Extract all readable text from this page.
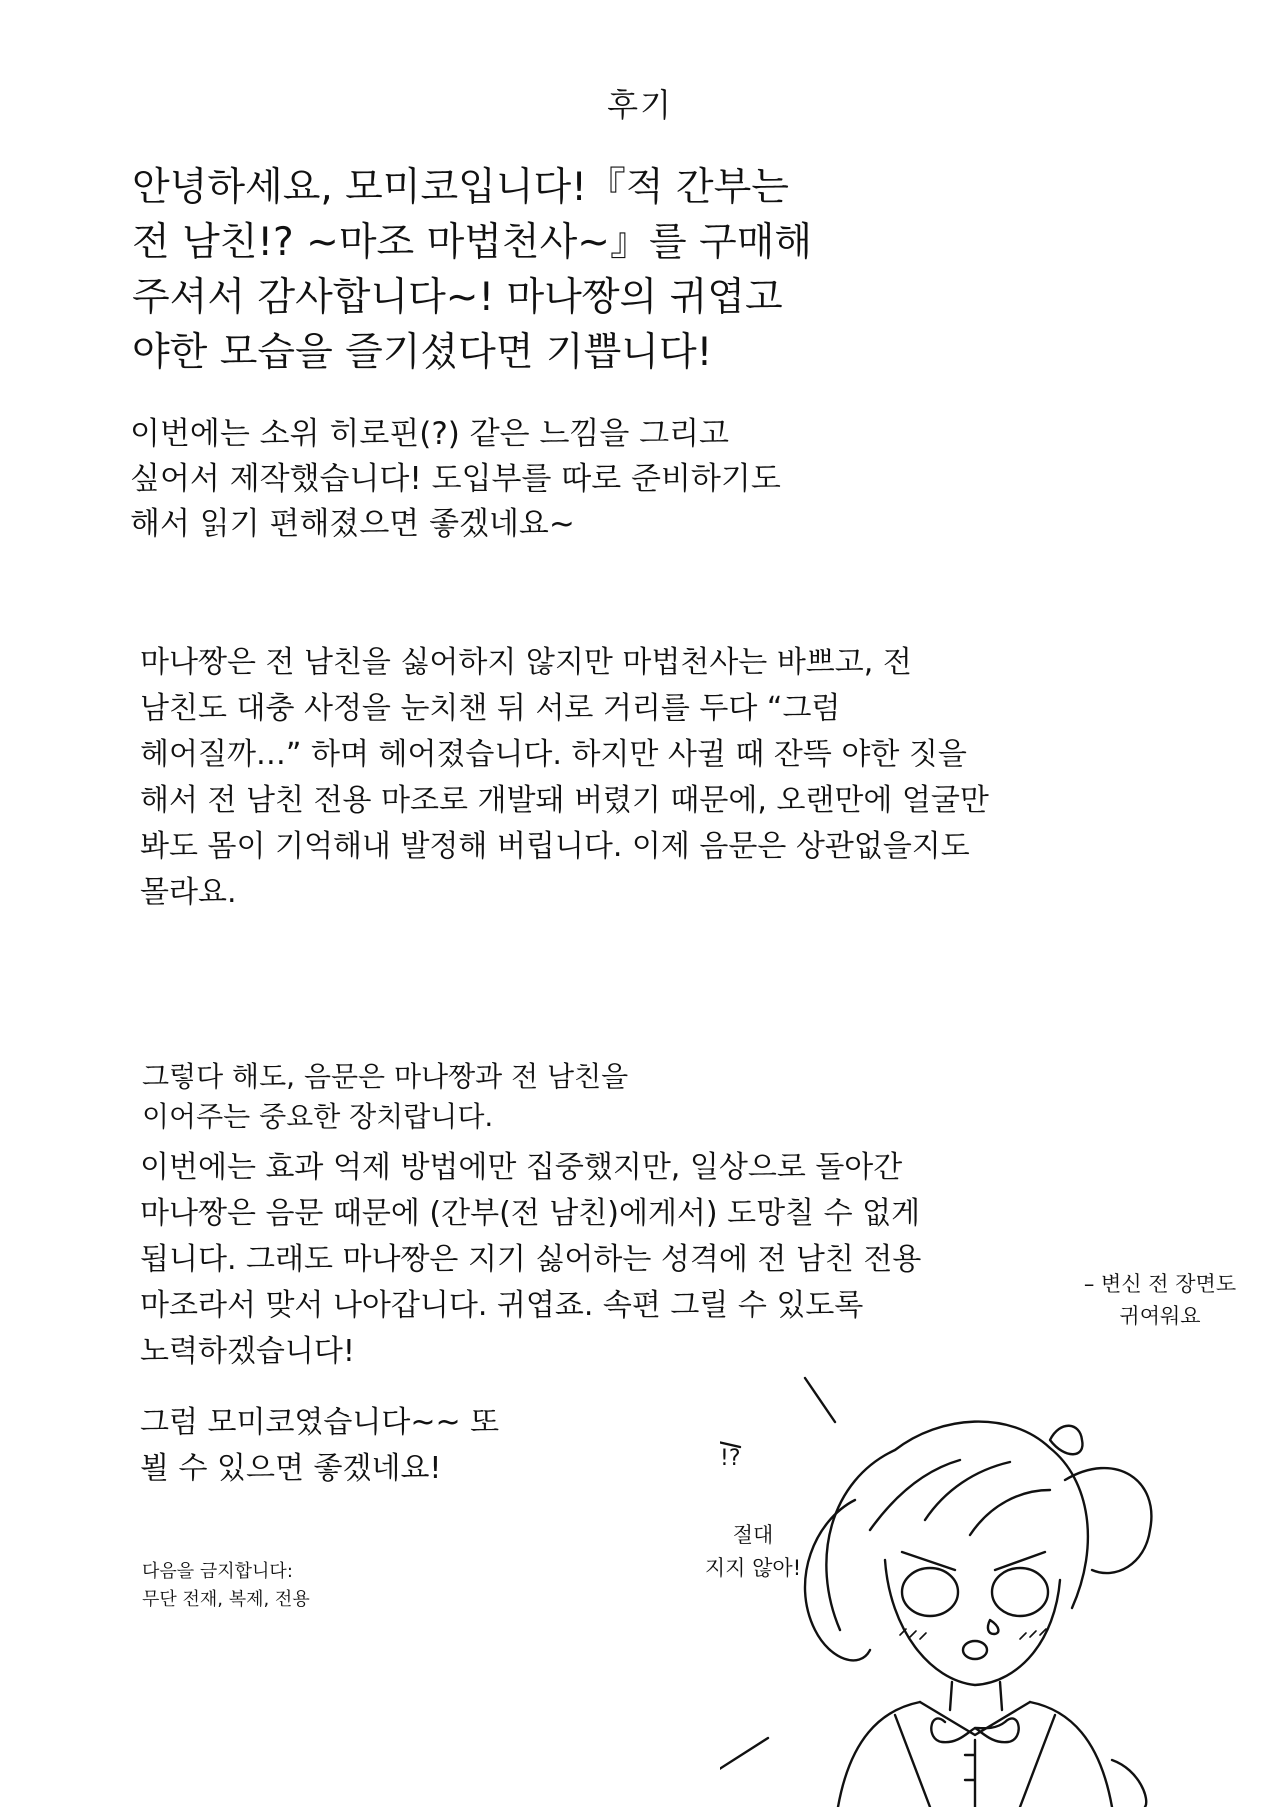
후기
안녕하세요, 모미코입니다!『적 간부는
전 남친!? ~마조 마법천사~』를 구매해
주셔서 감사합니다~! 마나짱의 귀엽고
야한 모습을 즐기셨다면 기쁩니다!
이번에는 소위 히로핀(?) 같은 느낌을 그리고
싶어서 제작했습니다! 도입부를 따로 준비하기도
해서 읽기 편해졌으면 좋겠네요~
마나짱은 전 남친을 싫어하지 않지만 마법천사는 바쁘고, 전
남친도 대충 사정을 눈치챈 뒤 서로 거리를 두다 “그럼
헤어질까…” 하며 헤어졌습니다. 하지만 사귈 때 잔뜩 야한 짓을
해서 전 남친 전용 마조로 개발돼 버렸기 때문에, 오랜만에 얼굴만
봐도 몸이 기억해내 발정해 버립니다. 이제 음문은 상관없을지도
몰라요.
그렇다 해도, 음문은 마나짱과 전 남친을
이어주는 중요한 장치랍니다.
이번에는 효과 억제 방법에만 집중했지만, 일상으로 돌아간
마나짱은 음문 때문에 (간부(전 남친)에게서) 도망칠 수 없게
됩니다. 그래도 마나짱은 지기 싫어하는 성격에 전 남친 전용
마조라서 맞서 나아갑니다. 귀엽죠. 속편 그릴 수 있도록
노력하겠습니다!
그럼 모미코였습니다~~ 또
뵐 수 있으면 좋겠네요!
다음을 금지합니다:
무단 전재, 복제, 전용
– 변신 전 장면도
귀여워요
!?
절대
지지 않아!
